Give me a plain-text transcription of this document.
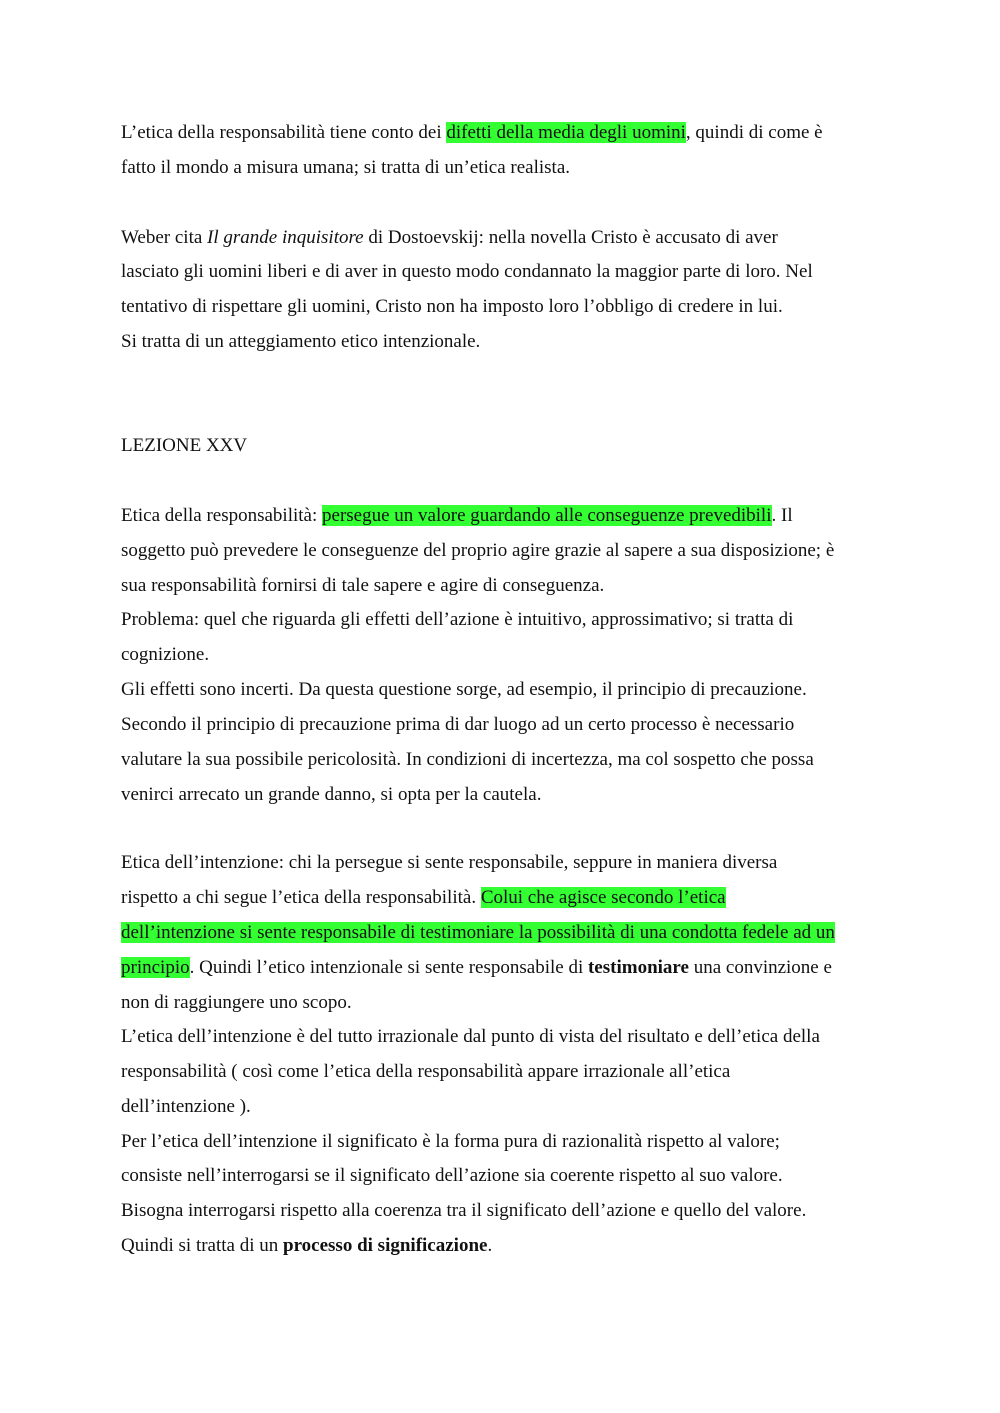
L’etica della responsabilità tiene conto dei difetti della media degli uomini, quindi di come è
fatto il mondo a misura umana; si tratta di un’etica realista.
Weber cita Il grande inquisitore di Dostoevskij: nella novella Cristo è accusato di aver
lasciato gli uomini liberi e di aver in questo modo condannato la maggior parte di loro. Nel
tentativo di rispettare gli uomini, Cristo non ha imposto loro l’obbligo di credere in lui.
Si tratta di un atteggiamento etico intenzionale.
LEZIONE XXV
Etica della responsabilità: persegue un valore guardando alle conseguenze prevedibili. Il
soggetto può prevedere le conseguenze del proprio agire grazie al sapere a sua disposizione; è
sua responsabilità fornirsi di tale sapere e agire di conseguenza.
Problema: quel che riguarda gli effetti dell’azione è intuitivo, approssimativo; si tratta di
cognizione.
Gli effetti sono incerti. Da questa questione sorge, ad esempio, il principio di precauzione.
Secondo il principio di precauzione prima di dar luogo ad un certo processo è necessario
valutare la sua possibile pericolosità. In condizioni di incertezza, ma col sospetto che possa
venirci arrecato un grande danno, si opta per la cautela.
Etica dell’intenzione: chi la persegue si sente responsabile, seppure in maniera diversa
rispetto a chi segue l’etica della responsabilità. Colui che agisce secondo l’etica
dell’intenzione si sente responsabile di testimoniare la possibilità di una condotta fedele ad un
principio. Quindi l’etico intenzionale si sente responsabile di testimoniare una convinzione e
non di raggiungere uno scopo.
L’etica dell’intenzione è del tutto irrazionale dal punto di vista del risultato e dell’etica della
responsabilità ( così come l’etica della responsabilità appare irrazionale all’etica
dell’intenzione ).
Per l’etica dell’intenzione il significato è la forma pura di razionalità rispetto al valore;
consiste nell’interrogarsi se il significato dell’azione sia coerente rispetto al suo valore.
Bisogna interrogarsi rispetto alla coerenza tra il significato dell’azione e quello del valore.
Quindi si tratta di un processo di significazione.
